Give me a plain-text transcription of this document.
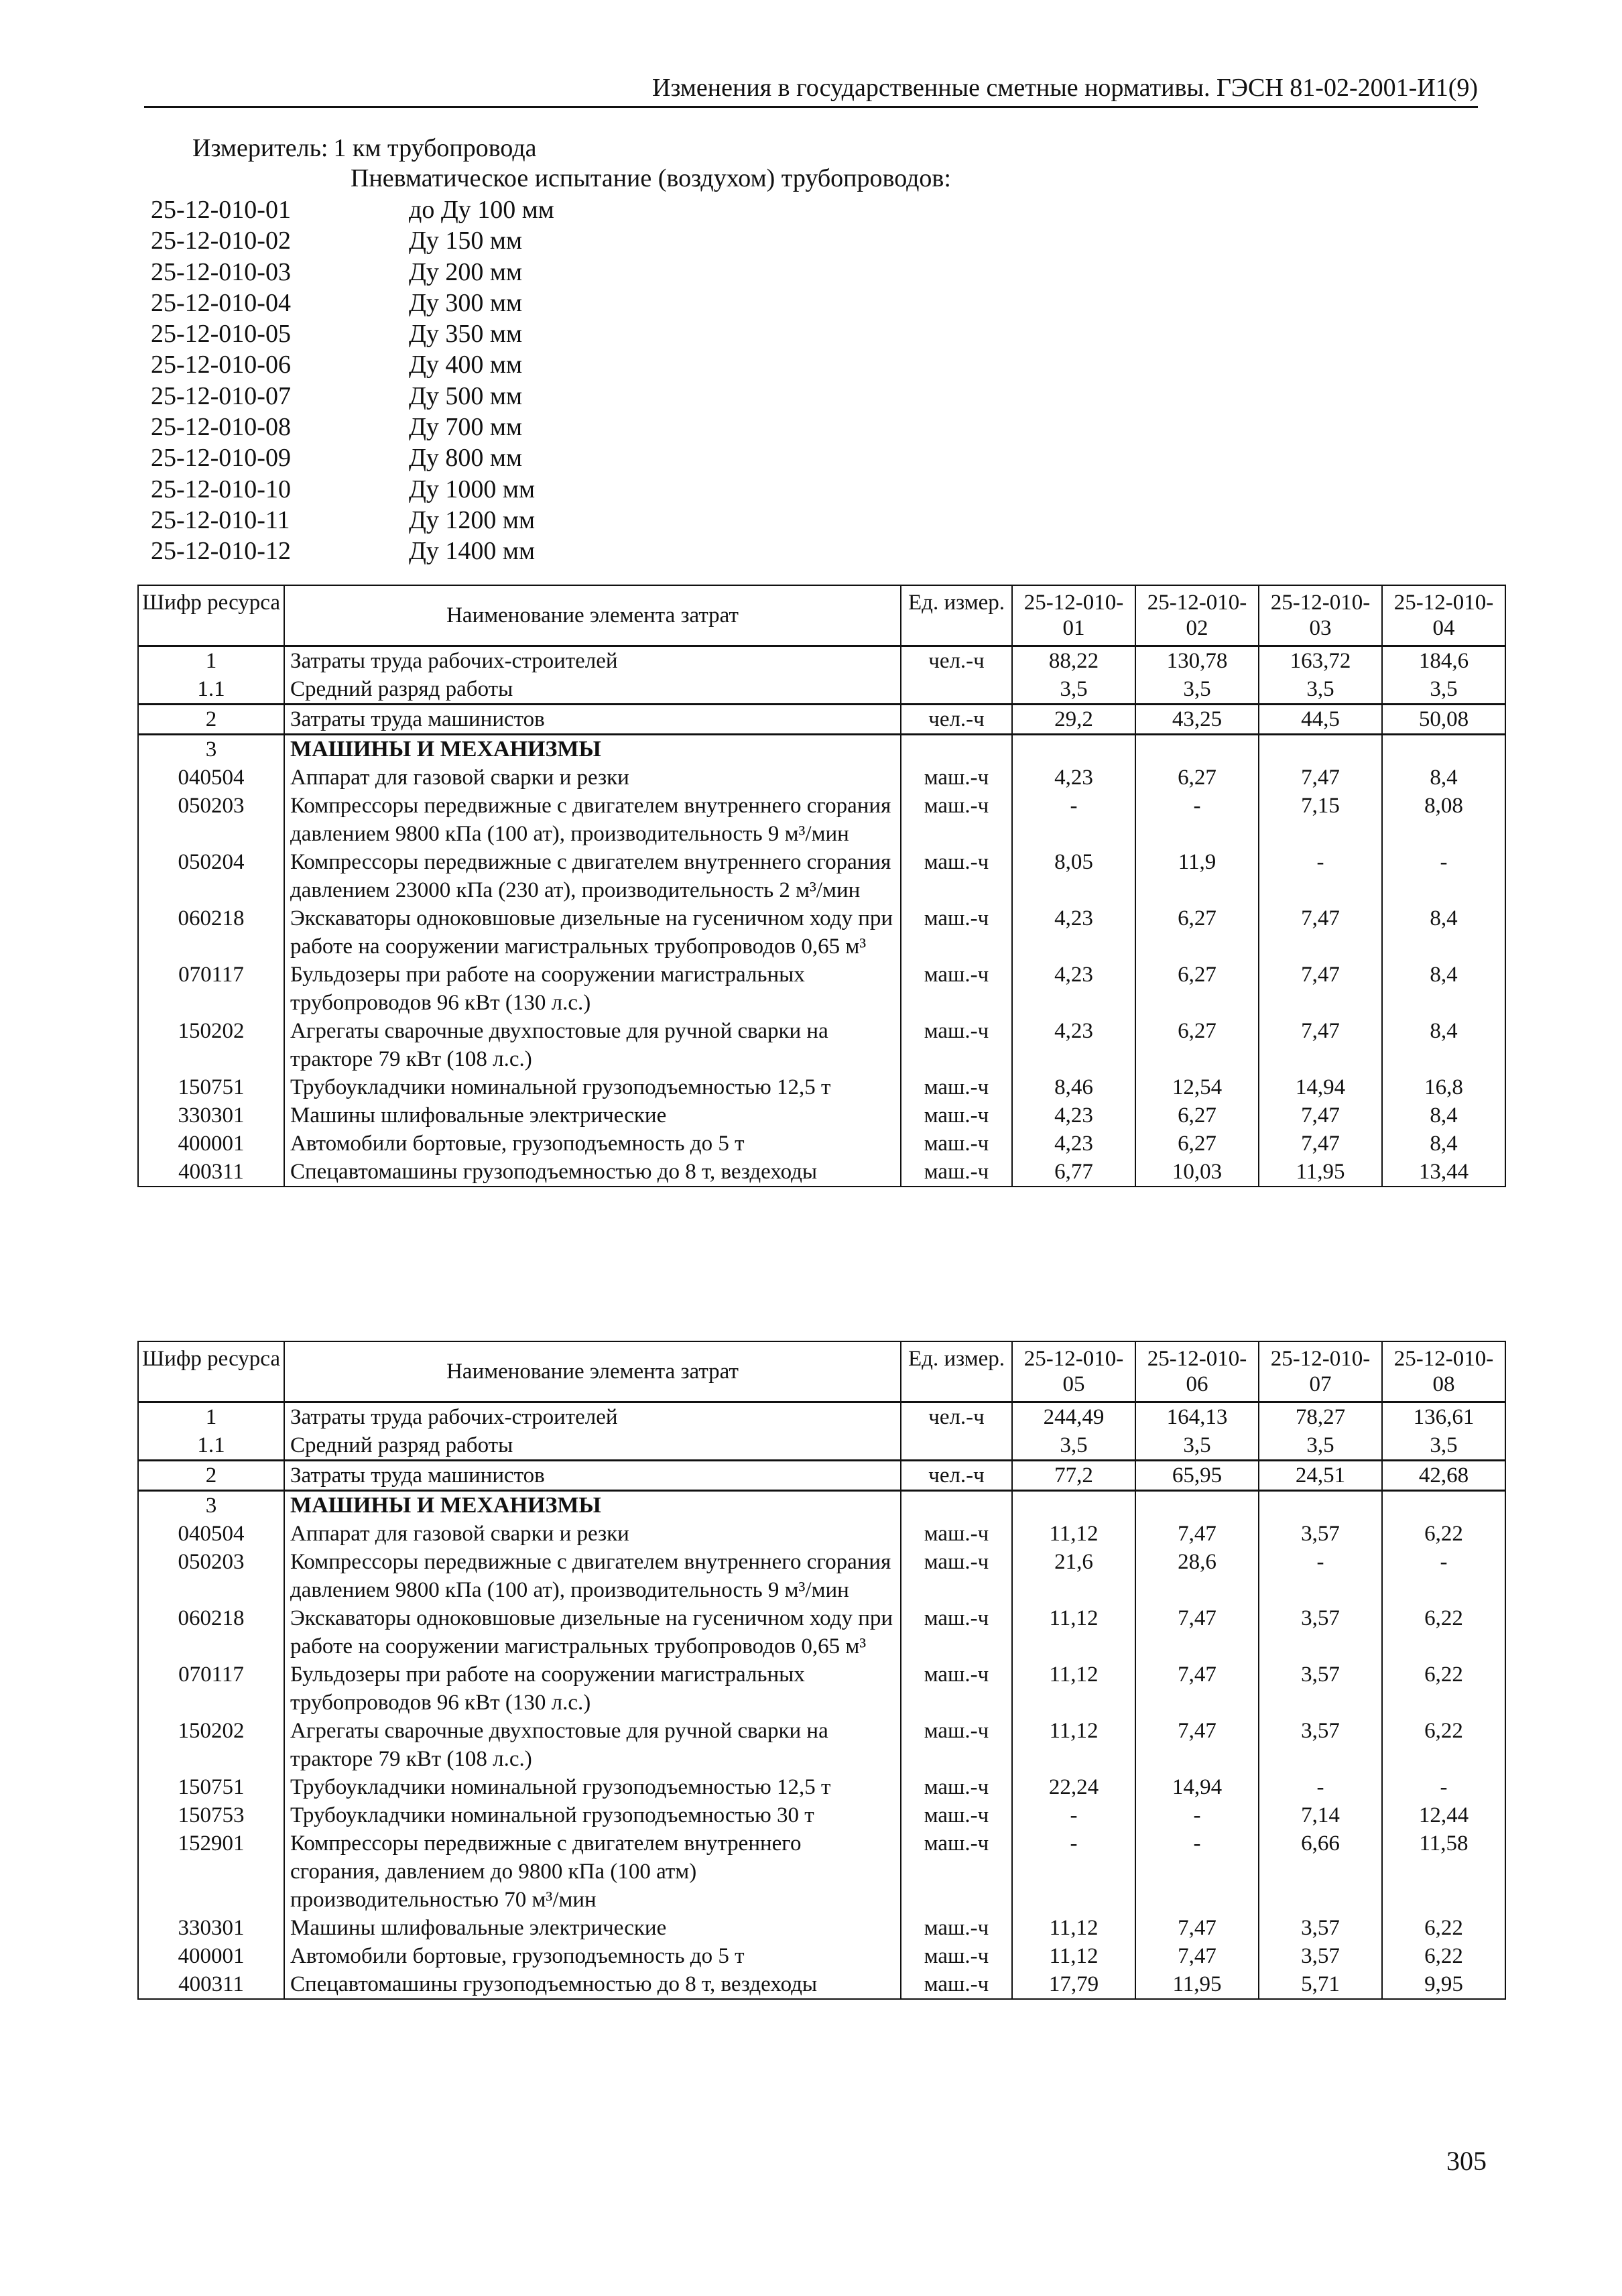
Изменения в государственные сметные нормативы. ГЭСН 81-02-2001-И1(9)
Измеритель: 1 км трубопровода
Пневматическое испытание (воздухом) трубопроводов:
25-12-010-01	до Ду 100 мм
25-12-010-02	Ду 150 мм
25-12-010-03	Ду 200 мм
25-12-010-04	Ду 300 мм
25-12-010-05	Ду 350 мм
25-12-010-06	Ду 400 мм
25-12-010-07	Ду 500 мм
25-12-010-08	Ду 700 мм
25-12-010-09	Ду 800 мм
25-12-010-10	Ду 1000 мм
25-12-010-11	Ду 1200 мм
25-12-010-12	Ду 1400 мм
Шифр ресурса	Наименование элемента затрат	Ед. измер.	25-12-010-01	25-12-010-02	25-12-010-03	25-12-010-04
1	Затраты труда рабочих-строителей	чел.-ч	88,22	130,78	163,72	184,6
1.1	Средний разряд работы		3,5	3,5	3,5	3,5
2	Затраты труда машинистов	чел.-ч	29,2	43,25	44,5	50,08
3	МАШИНЫ И МЕХАНИЗМЫ					
040504	Аппарат для газовой сварки и резки	маш.-ч	4,23	6,27	7,47	8,4
050203	Компрессоры передвижные с двигателем внутреннего сгорания давлением 9800 кПа (100 ат), производительность 9 м³/мин	маш.-ч	-	-	7,15	8,08
050204	Компрессоры передвижные с двигателем внутреннего сгорания давлением 23000 кПа (230 ат), производительность 2 м³/мин	маш.-ч	8,05	11,9	-	-
060218	Экскаваторы одноковшовые дизельные на гусеничном ходу при работе на сооружении магистральных трубопроводов 0,65 м³	маш.-ч	4,23	6,27	7,47	8,4
070117	Бульдозеры при работе на сооружении магистральных трубопроводов 96 кВт (130 л.с.)	маш.-ч	4,23	6,27	7,47	8,4
150202	Агрегаты сварочные двухпостовые для ручной сварки на тракторе 79 кВт (108 л.с.)	маш.-ч	4,23	6,27	7,47	8,4
150751	Трубоукладчики номинальной грузоподъемностью 12,5 т	маш.-ч	8,46	12,54	14,94	16,8
330301	Машины шлифовальные электрические	маш.-ч	4,23	6,27	7,47	8,4
400001	Автомобили бортовые, грузоподъемность до 5 т	маш.-ч	4,23	6,27	7,47	8,4
400311	Спецавтомашины грузоподъемностью до 8 т, вездеходы	маш.-ч	6,77	10,03	11,95	13,44
Шифр ресурса	Наименование элемента затрат	Ед. измер.	25-12-010-05	25-12-010-06	25-12-010-07	25-12-010-08
1	Затраты труда рабочих-строителей	чел.-ч	244,49	164,13	78,27	136,61
1.1	Средний разряд работы		3,5	3,5	3,5	3,5
2	Затраты труда машинистов	чел.-ч	77,2	65,95	24,51	42,68
3	МАШИНЫ И МЕХАНИЗМЫ					
040504	Аппарат для газовой сварки и резки	маш.-ч	11,12	7,47	3,57	6,22
050203	Компрессоры передвижные с двигателем внутреннего сгорания давлением 9800 кПа (100 ат), производительность 9 м³/мин	маш.-ч	21,6	28,6	-	-
060218	Экскаваторы одноковшовые дизельные на гусеничном ходу при работе на сооружении магистральных трубопроводов 0,65 м³	маш.-ч	11,12	7,47	3,57	6,22
070117	Бульдозеры при работе на сооружении магистральных трубопроводов 96 кВт (130 л.с.)	маш.-ч	11,12	7,47	3,57	6,22
150202	Агрегаты сварочные двухпостовые для ручной сварки на тракторе 79 кВт (108 л.с.)	маш.-ч	11,12	7,47	3,57	6,22
150751	Трубоукладчики номинальной грузоподъемностью 12,5 т	маш.-ч	22,24	14,94	-	-
150753	Трубоукладчики номинальной грузоподъемностью 30 т	маш.-ч	-	-	7,14	12,44
152901	Компрессоры передвижные с двигателем внутреннего сгорания, давлением до 9800 кПа (100 атм) производительностью 70 м³/мин	маш.-ч	-	-	6,66	11,58
330301	Машины шлифовальные электрические	маш.-ч	11,12	7,47	3,57	6,22
400001	Автомобили бортовые, грузоподъемность до 5 т	маш.-ч	11,12	7,47	3,57	6,22
400311	Спецавтомашины грузоподъемностью до 8 т, вездеходы	маш.-ч	17,79	11,95	5,71	9,95
305
